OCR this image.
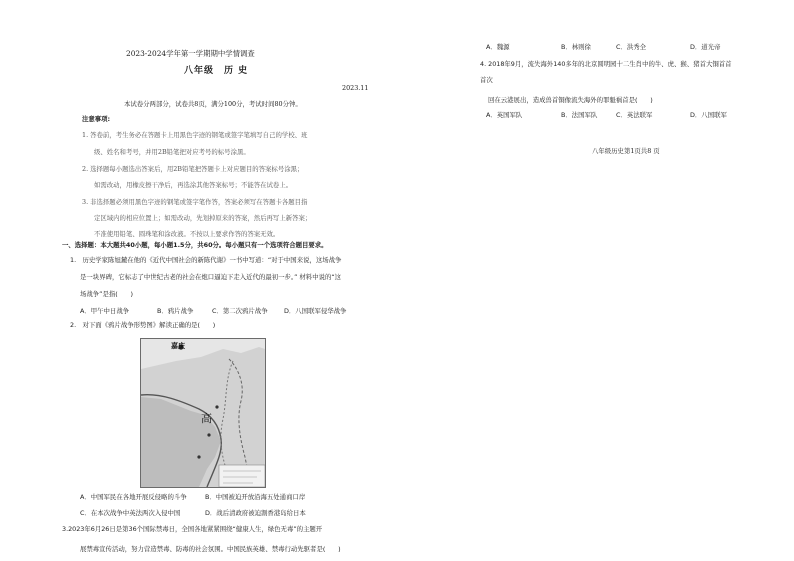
2023-2024学年第一学期期中学情调查
八年级　历 史
2023.11
本试卷分两部分，试卷共8页，满分100分，考试时间80分钟。
注意事项:
1. 答卷前，考生务必在答题卡上用黑色字迹的钢笔或签字笔填写自己的学校、班
级、姓名和考号，并用2B铅笔把对应考号的标号涂黑。
2. 选择题每小题选出答案后，用2B铅笔把答题卡上对应题目的答案标号涂黑；
如需改动，用橡皮擦干净后，再选涂其他答案标号；不能答在试卷上。
3. 非选择题必须用黑色字迹的钢笔或签字笔作答，答案必须写在答题卡各题目指
定区域内的相应位置上；如需改动，先划掉原来的答案，然后再写上新答案；
不准使用铅笔、圆珠笔和涂改液。不按以上要求作答的答案无效。
一、选择题：本大题共40小题，每小题1.5分，共60分。每小题只有一个选项符合题目要求。
1.　历史学家陈旭麓在他的《近代中国社会的新陈代谢》一书中写道：“对于中国来说，这场战争
是一块界碑，它标志了中世纪古老的社会在炮口逼迫下走入近代的最初一步。” 材料中说的“这
场战争”是指(　　)
A．甲午中日战争	B．鸦片战争	C．第二次鸦片战争	D．八国联军侵华战争
2.　对下面《鸦片战争形势图》解读正确的是(　　)
嘉庆
高
A．中国军民在各地开展反侵略的斗争	B．中国被迫开放沿海五处通商口岸
C．在本次战争中英法两次入侵中国	D．战后清政府被迫割香港岛给日本
3.2023年6月26日是第36个国际禁毒日，全国各地紧紧围绕“健康人生，绿色无毒”的主题开
展禁毒宣传活动，努力营造禁毒、防毒的社会氛围。中国民族英雄、禁毒行动先驱者是(　　)
A．魏源	B．林则徐	C．洪秀全	D．道光帝
4. 2018年9月，流失海外140多年的北京圆明园十二生肖中的牛、虎、猴、猪首大铜首首
首次
回在云港展出，造成兽首铜像流失海外的罪魁祸首是(　　)
A．英国军队	B．法国军队	C．英法联军	D．八国联军
八年级历史第1页共8 页
